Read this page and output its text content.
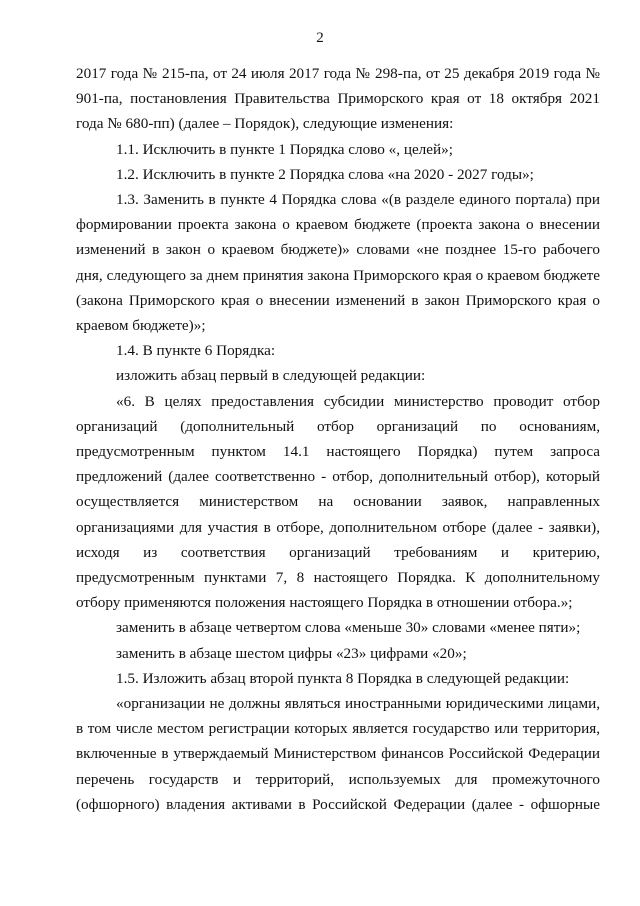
2

2017 года № 215-па, от 24 июля 2017 года № 298-па, от 25 декабря 2019 года № 901-па, постановления Правительства Приморского края от 18 октября 2021 года № 680-пп) (далее – Порядок), следующие изменения:

1.1. Исключить в пункте 1 Порядка слово «, целей»;

1.2. Исключить в пункте 2 Порядка слова «на 2020 - 2027 годы»;

1.3. Заменить в пункте 4 Порядка слова «(в разделе единого портала) при формировании проекта закона о краевом бюджете (проекта закона о внесении изменений в закон о краевом бюджете)» словами «не позднее 15-го рабочего дня, следующего за днем принятия закона Приморского края о краевом бюджете (закона Приморского края о внесении изменений в закон Приморского края о краевом бюджете)»;

1.4. В пункте 6 Порядка:

изложить абзац первый в следующей редакции:

«6. В целях предоставления субсидии министерство проводит отбор организаций (дополнительный отбор организаций по основаниям, предусмотренным пунктом 14.1 настоящего Порядка) путем запроса предложений (далее соответственно - отбор, дополнительный отбор), который осуществляется министерством на основании заявок, направленных организациями для участия в отборе, дополнительном отборе (далее - заявки), исходя из соответствия организаций требованиям и критерию, предусмотренным пунктами 7, 8 настоящего Порядка. К дополнительному отбору применяются положения настоящего Порядка в отношении отбора.»;

заменить в абзаце четвертом слова «меньше 30» словами «менее пяти»;

заменить в абзаце шестом цифры «23» цифрами «20»;

1.5. Изложить абзац второй пункта 8 Порядка в следующей редакции:

«организации не должны являться иностранными юридическими лицами, в том числе местом регистрации которых является государство или территория, включенные в утверждаемый Министерством финансов Российской Федерации перечень государств и территорий, используемых для промежуточного (офшорного) владения активами в Российской Федерации (далее - офшорные
